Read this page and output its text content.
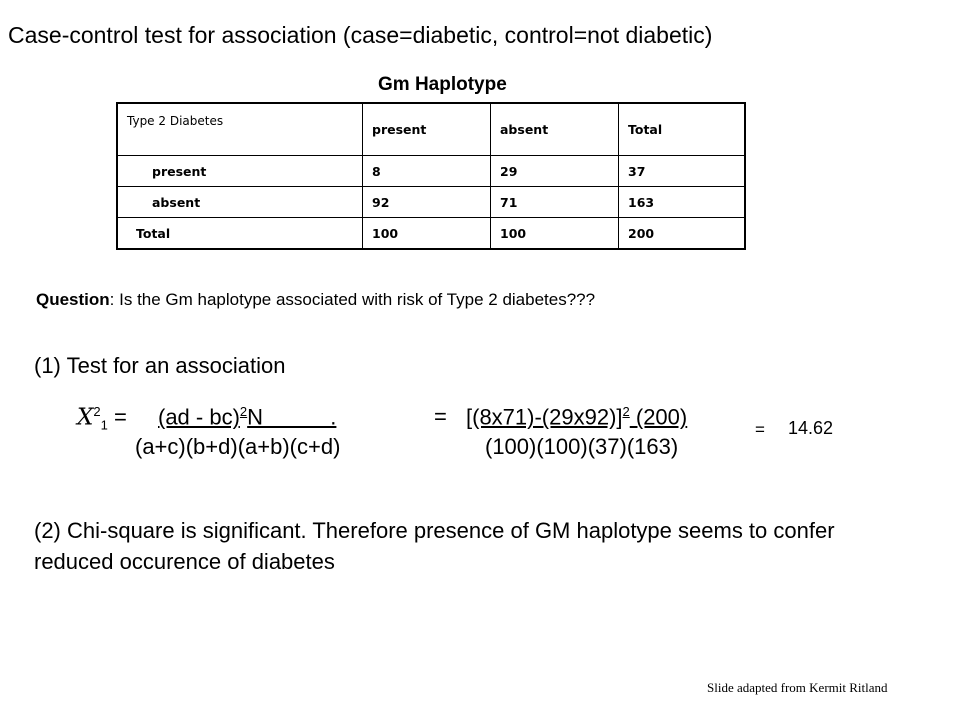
Case-control test for association (case=diabetic, control=not diabetic)
Gm Haplotype
Type 2 Diabetes	present	absent	Total
present	8	29	37
absent	92	71	163
Total	100	100	200
Question: Is the Gm haplotype associated with risk of Type 2 diabetes???
(1) Test for an association
$X^2_1 = (ad - bc)^2N$           .
(a+c)(b+d)(a+b)(c+d)
= $[(8x71)-(29x92)]^2$ (200)
(100)(100)(37)(163)
= 14.62
(2) Chi-square is significant. Therefore presence of GM haplotype seems to confer reduced occurence of diabetes
Slide adapted from Kermit Ritland
